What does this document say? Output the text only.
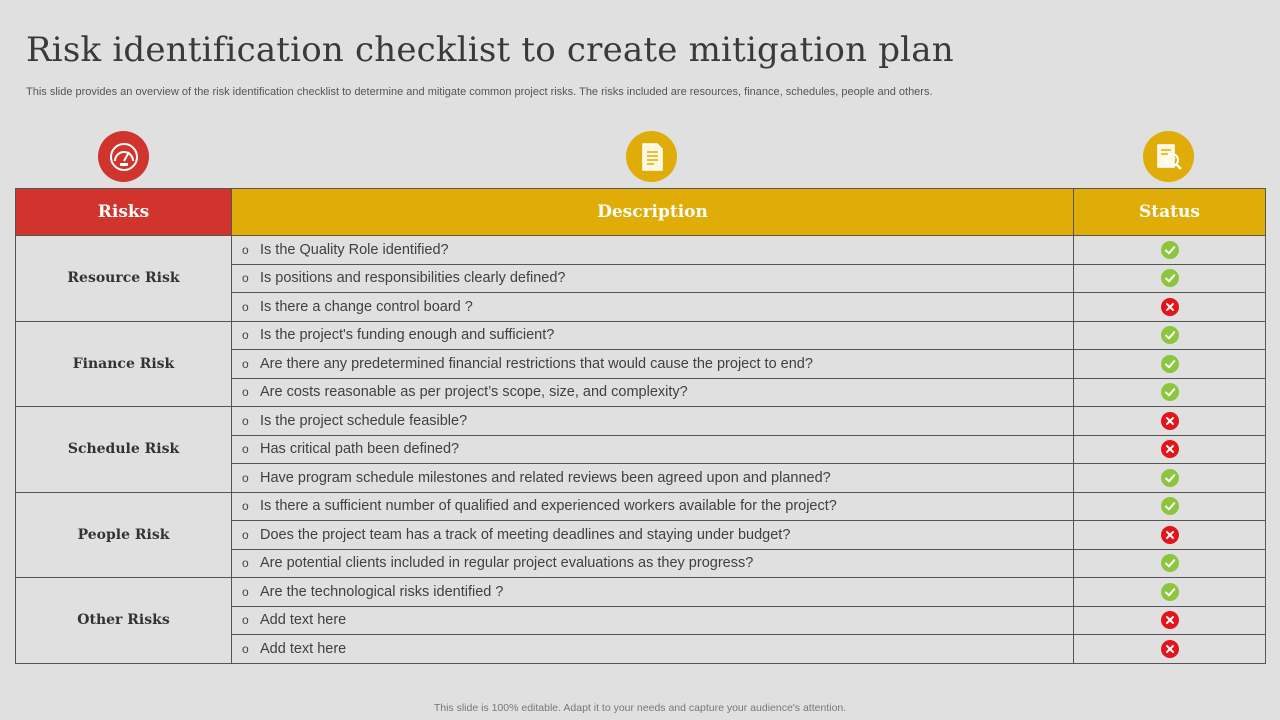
Risk identification checklist to create mitigation plan
This slide provides an overview of the risk identification checklist to determine and mitigate common project risks. The risks included are resources, finance, schedules, people and others.
Risks	Description	Status
Resource Risk	o Is the Quality Role identified?	

	o Is positions and responsibilities clearly defined?	

	o Is there a change control board ?	

Finance Risk	o Is the project's funding enough and sufficient?	

	o Are there any predetermined financial restrictions that would cause the project to end?	

	o Are costs reasonable as per project’s scope, size, and complexity?	

Schedule Risk	o Is the project schedule feasible?	

	o Has critical path been defined?	

	o Have program schedule milestones and related reviews been agreed upon and planned?	

People Risk	o Is there a sufficient number of qualified and experienced workers available for the project?	

	o Does the project team has a track of meeting deadlines and staying under budget?	

	o Are potential clients included in regular project evaluations as they progress?	

Other Risks	o Are the technological risks identified ?	

	o Add text here	

	o Add text here	
This slide is 100% editable. Adapt it to your needs and capture your audience's attention.
